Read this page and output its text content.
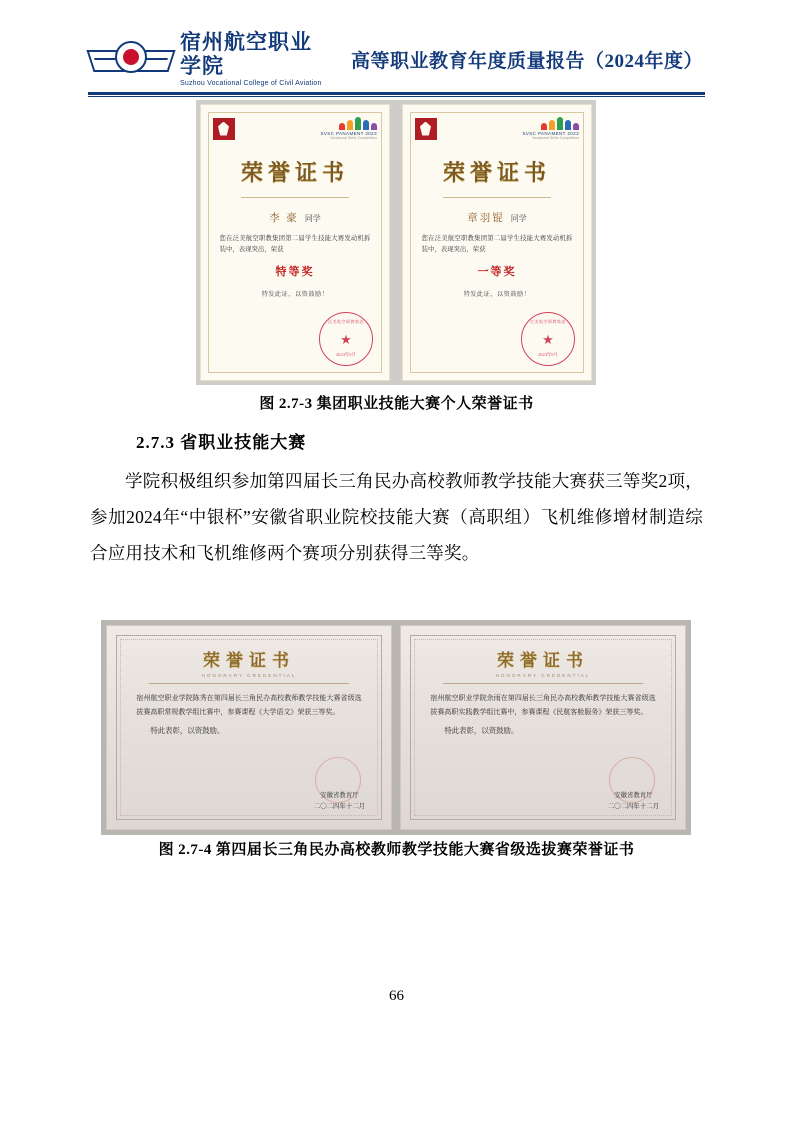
宿州航空职业学院
Suzhou Vocational College of Civil Aviation
高等职业教育年度质量报告（2024年度）
SVSC PANAMENT 2023
Vocational Skills Competition
荣誉证书
李 豪 同学
您在泛美航空职教集团第二届学生技能大赛发动机拆装中，表现突出，荣获
特等奖
特发此证，以资鼓励！
泛美航空职教集团
★
2023年9月
SVSC PANAMENT 2023
Vocational Skills Competition
荣誉证书
章羽锟 同学
您在泛美航空职教集团第二届学生技能大赛发动机拆装中，表现突出，荣获
一等奖
特发此证，以资鼓励！
泛美航空职教集团
★
2023年9月
图 2.7-3 集团职业技能大赛个人荣誉证书
2.7.3 省职业技能大赛
学院积极组织参加第四届长三角民办高校教师教学技能大赛获三等奖2项，参加2024年“中银杯”安徽省职业院校技能大赛（高职组）飞机维修增材制造综合应用技术和飞机维修两个赛项分别获得三等奖。
荣誉证书
HONORARY CREDENTIAL
宿州航空职业学院陈秀在第四届长三角民办高校教师教学技能大赛省级选拔赛高职常规教学组比赛中，参赛课程《大学语文》荣获三等奖。
特此表彰，以资鼓励。
安徽省教育厅
二〇二四年十二月
荣誉证书
HONORARY CREDENTIAL
宿州航空职业学院余雨在第四届长三角民办高校教师教学技能大赛省级选拔赛高职实践教学组比赛中，参赛课程《民航客舱服务》荣获三等奖。
特此表彰，以资鼓励。
安徽省教育厅
二〇二四年十二月
图 2.7-4 第四届长三角民办高校教师教学技能大赛省级选拔赛荣誉证书
66
